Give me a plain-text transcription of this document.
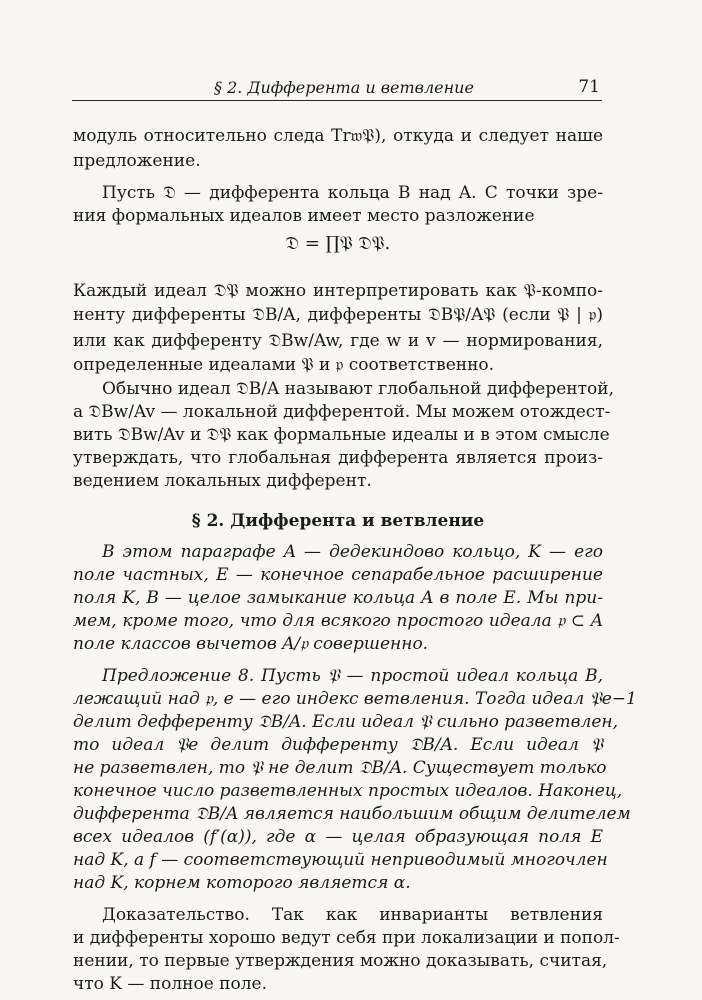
§ 2. Дифферента и ветвление	71
модуль относительно следа Tr𝔴𝔓), откуда и следует наше
предложение.
Пусть 𝔇 — дифферента кольца B над A. С точки зре-
ния формальных идеалов имеет место разложение
𝔇 = ∏𝔓 𝔇𝔓.
Каждый идеал 𝔇𝔓 можно интерпретировать как 𝔓-компо-
ненту дифференты 𝔇B/A, дифференты 𝔇B𝔓/A𝔓 (если 𝔓 | 𝔭)
или как дифференту 𝔇Bw/Aw, где w и v — нормирования,
определенные идеалами 𝔓 и 𝔭 соответственно.
Обычно идеал 𝔇B/A называют глобальной дифферентой,
а 𝔇Bw/Av — локальной дифферентой. Мы можем отождест-
вить 𝔇Bw/Av и 𝔇𝔓 как формальные идеалы и в этом смысле
утверждать, что глобальная дифферента является произ-
ведением локальных дифферент.
§ 2. Дифферента и ветвление
В этом параграфе A — дедекиндово кольцо, K — его
поле частных, E — конечное сепарабельное расширение
поля K, B — целое замыкание кольца A в поле E. Мы при-
мем, кроме того, что для всякого простого идеала 𝔭 ⊂ A
поле классов вычетов A/𝔭 совершенно.
Предложение 8. Пусть 𝔓 — простой идеал кольца B,
лежащий над 𝔭, e — его индекс ветвления. Тогда идеал 𝔓e−1
делит деффеpенту 𝔇B/A. Если идеал 𝔓 сильно разветвлен,
то идеал 𝔓e делит дифференту 𝔇B/A. Если идеал 𝔓
не разветвлен, то 𝔓 не делит 𝔇B/A. Существует только
конечное число разветвленных простых идеалов. Наконец,
дифферента 𝔇B/A является наибольшим общим делителем
всех идеалов (f′(α)), где α — целая образующая поля E
над K, а f — соответствующий неприводимый многочлен
над K, корнем которого является α.
Доказательство. Так как инварианты ветвления
и дифференты хорошо ведут себя при локализации и попол-
нении, то первые утверждения можно доказывать, считая,
что K — полное поле.
